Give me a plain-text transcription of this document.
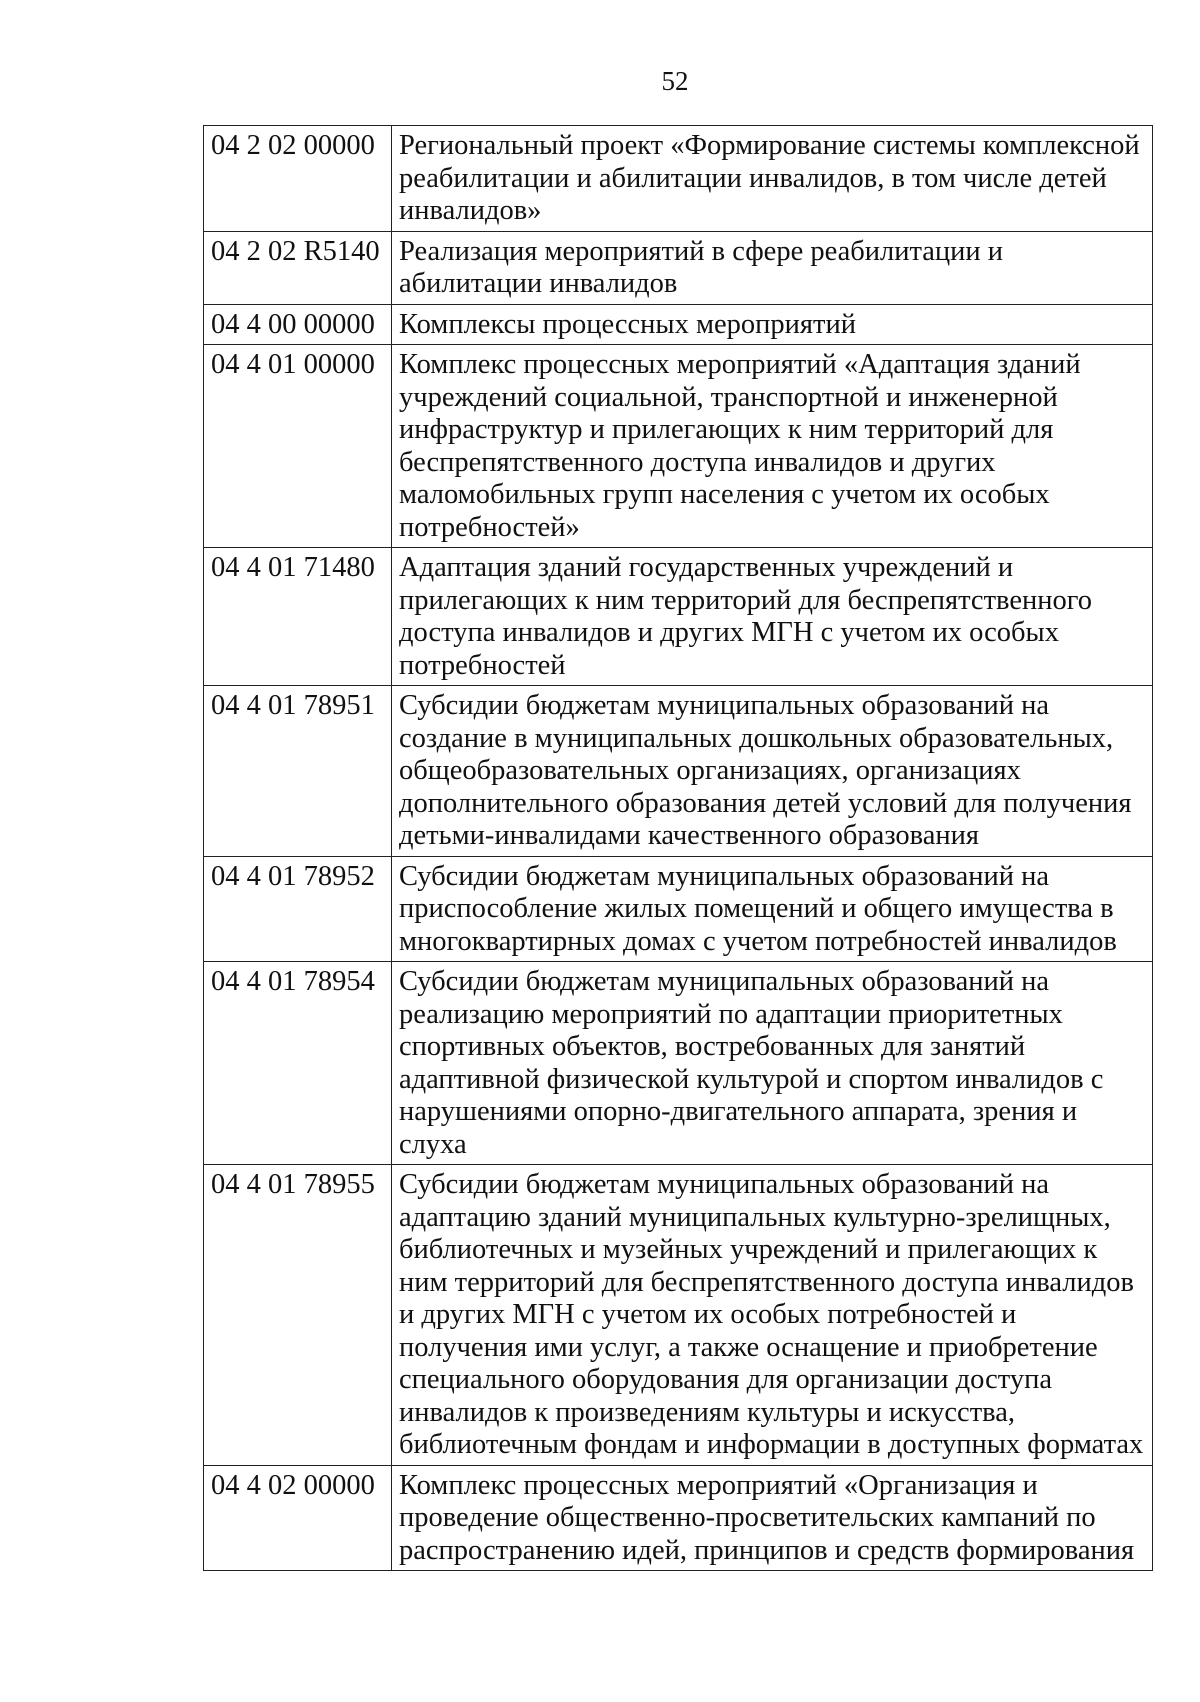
52
04 2 02 00000	Региональный проект «Формирование системы комплексной реабилитации и абилитации инвалидов, в том числе детей инвалидов»
04 2 02 R5140	Реализация мероприятий в сфере реабилитации и абилитации инвалидов
04 4 00 00000	Комплексы процессных мероприятий
04 4 01 00000	Комплекс процессных мероприятий «Адаптация зданий учреждений социальной, транспортной и инженерной инфраструктур и прилегающих к ним территорий для беспрепятственного доступа инвалидов и других маломобильных групп населения с учетом их особых потребностей»
04 4 01 71480	Адаптация зданий государственных учреждений и прилегающих к ним территорий для беспрепятственного доступа инвалидов и других МГН с учетом их особых потребностей
04 4 01 78951	Субсидии бюджетам муниципальных образований на создание в муниципальных дошкольных образовательных, общеобразовательных организациях, организациях дополнительного образования детей условий для получения детьми-инвалидами качественного образования
04 4 01 78952	Субсидии бюджетам муниципальных образований на приспособление жилых помещений и общего имущества в многоквартирных домах с учетом потребностей инвалидов
04 4 01 78954	Субсидии бюджетам муниципальных образований на реализацию мероприятий по адаптации приоритетных спортивных объектов, востребованных для занятий адаптивной физической культурой и спортом инвалидов с нарушениями опорно-двигательного аппарата, зрения и слуха
04 4 01 78955	Субсидии бюджетам муниципальных образований на адаптацию зданий муниципальных культурно-зрелищных, библиотечных и музейных учреждений и прилегающих к ним территорий для беспрепятственного доступа инвалидов и других МГН с учетом их особых потребностей и получения ими услуг, а также оснащение и приобретение специального оборудования для организации доступа инвалидов к произведениям культуры и искусства, библиотечным фондам и информации в доступных форматах
04 4 02 00000	Комплекс процессных мероприятий «Организация и проведение общественно-просветительских кампаний по распространению идей, принципов и средств формирования
